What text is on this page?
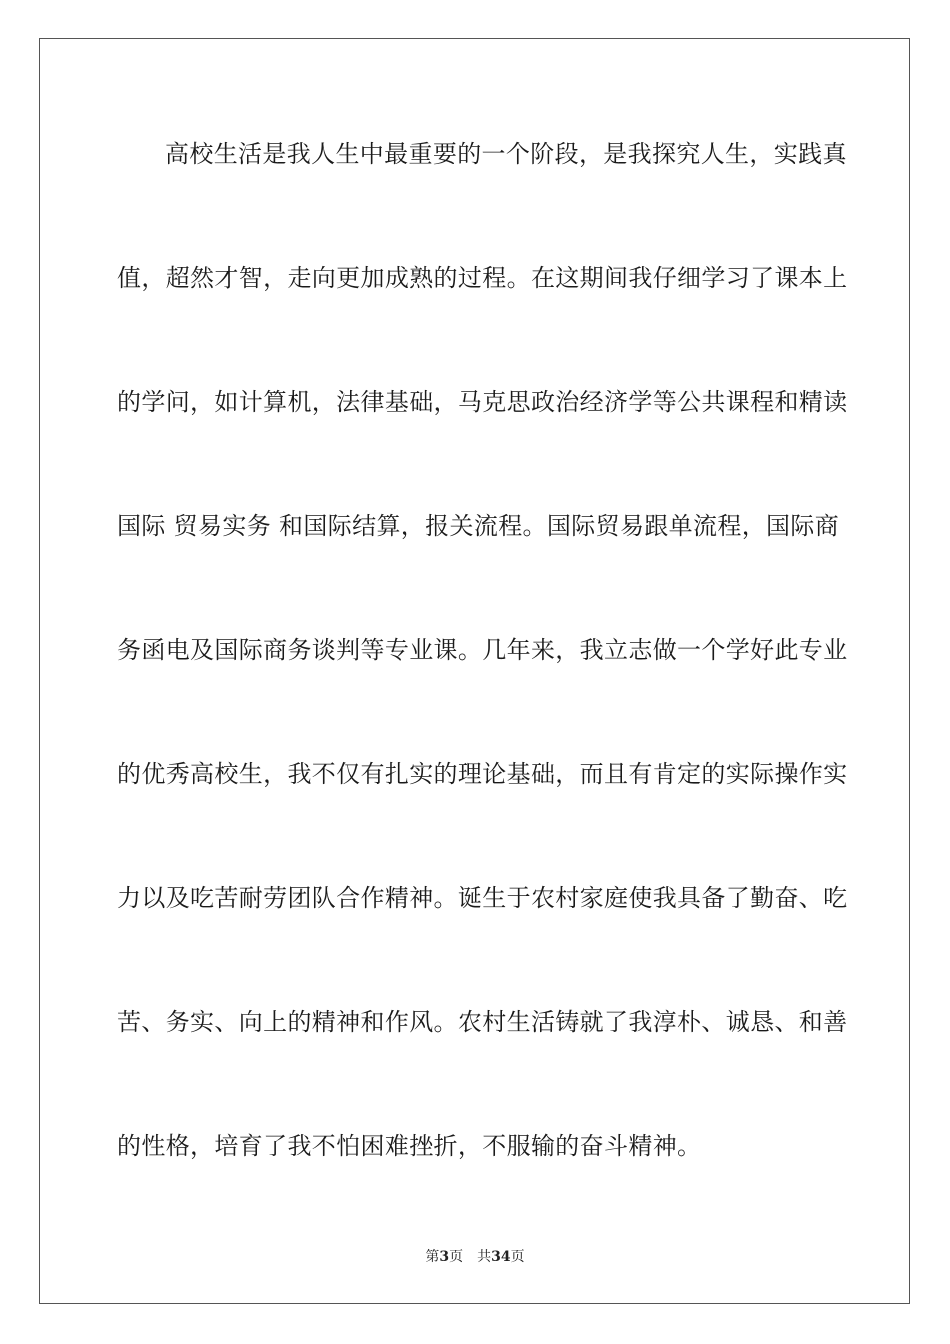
高校生活是我人生中最重要的一个阶段，是我探究人生，实践真
值，超然才智，走向更加成熟的过程。在这期间我仔细学习了课本上
的学问，如计算机，法律基础，马克思政治经济学等公共课程和精读
国际 贸易实务 和国际结算，报关流程。国际贸易跟单流程，国际商
务函电及国际商务谈判等专业课。几年来，我立志做一个学好此专业
的优秀高校生，我不仅有扎实的理论基础，而且有肯定的实际操作实
力以及吃苦耐劳团队合作精神。诞生于农村家庭使我具备了勤奋、吃
苦、务实、向上的精神和作风。农村生活铸就了我淳朴、诚恳、和善
的性格，培育了我不怕困难挫折，不服输的奋斗精神。
第3页 共34页
